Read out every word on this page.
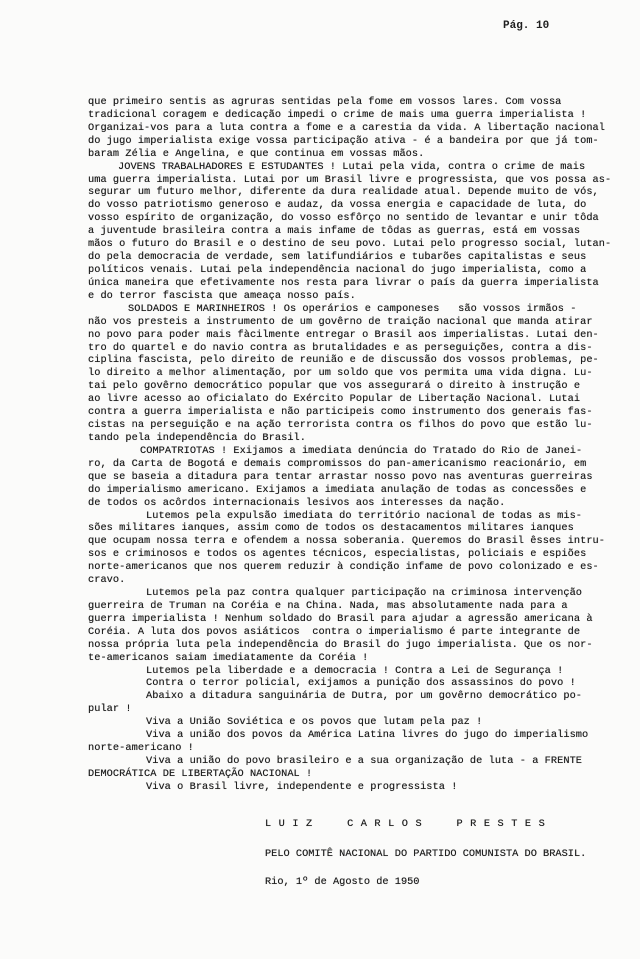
Pág. 10
que primeiro sentis as agruras sentidas pela fome em vossos lares. Com vossa
tradicional coragem e dedicação impedi o crime de mais uma guerra imperialista !
Organizai-vos para a luta contra a fome e a carestia da vida. A libertação nacional
do jugo imperialista exige vossa participação ativa - é a bandeira por que já tom-
baram Zélia e Angelina, e que continua em vossas mãos.
JOVENS TRABALHADORES E ESTUDANTES ! Lutai pela vida, contra o crime de mais
uma guerra imperialista. Lutai por um Brasil livre e progressista, que vos possa as-
segurar um futuro melhor, diferente da dura realidade atual. Depende muito de vós,
do vosso patriotismo generoso e audaz, da vossa energia e capacidade de luta, do
vosso espírito de organização, do vosso esfôrço no sentido de levantar e unir tôda
a juventude brasileira contra a mais infame de tôdas as guerras, está em vossas
mãos o futuro do Brasil e o destino de seu povo. Lutai pelo progresso social, lutan-
do pela democracia de verdade, sem latifundiários e tubarões capitalistas e seus
políticos venais. Lutai pela independência nacional do jugo imperialista, como a
única maneira que efetivamente nos resta para livrar o país da guerra imperialista
e do terror fascista que ameaça nosso país.
SOLDADOS E MARINHEIROS ! Os operários e camponeses   são vossos irmãos -
não vos presteis a instrumento de um govêrno de traição nacional que manda atirar
no povo para poder mais fàcilmente entregar o Brasil aos imperialistas. Lutai den-
tro do quartel e do navio contra as brutalidades e as perseguições, contra a dis-
ciplina fascista, pelo direito de reunião e de discussão dos vossos problemas, pe-
lo direito a melhor alimentação, por um soldo que vos permita uma vida digna. Lu-
tai pelo govêrno democrático popular que vos assegurará o direito à instrução e
ao livre acesso ao oficialato do Exército Popular de Libertação Nacional. Lutai
contra a guerra imperialista e não participeis como instrumento dos generais fas-
cistas na perseguição e na ação terrorista contra os filhos do povo que estão lu-
tando pela independência do Brasil.
COMPATRIOTAS ! Exijamos a imediata denúncia do Tratado do Rio de Janei-
ro, da Carta de Bogotá e demais compromissos do pan-americanismo reacionário, em
que se baseia a ditadura para tentar arrastar nosso povo nas aventuras guerreiras
do imperialismo americano. Exijamos a imediata anulação de todas as concessões e
de todos os acôrdos internacionais lesivos aos interesses da nação.
Lutemos pela expulsão imediata do território nacional de todas as mis-
sões militares ianques, assim como de todos os destacamentos militares ianques
que ocupam nossa terra e ofendem a nossa soberania. Queremos do Brasil êsses intru-
sos e criminosos e todos os agentes técnicos, especialistas, policiais e espiões
norte-americanos que nos querem reduzir à condição infame de povo colonizado e es-
cravo.
Lutemos pela paz contra qualquer participação na criminosa intervenção
guerreira de Truman na Coréia e na China. Nada, mas absolutamente nada para a
guerra imperialista ! Nenhum soldado do Brasil para ajudar a agressão americana à
Coréia. A luta dos povos asiáticos  contra o imperialismo é parte integrante de
nossa própria luta pela independência do Brasil do jugo imperialista. Que os nor-
te-americanos saiam imediatamente da Coréia !
Lutemos pela liberdade e a democracia ! Contra a Lei de Segurança !
Contra o terror policial, exijamos a punição dos assassinos do povo !
Abaixo a ditadura sanguinária de Dutra, por um govêrno democrático po-
pular !
Viva a União Soviética e os povos que lutam pela paz !
Viva a união dos povos da América Latina livres do jugo do imperialismo
norte-americano !
Viva a união do povo brasileiro e a sua organização de luta - a FRENTE
DEMOCRÁTICA DE LIBERTAÇÃO NACIONAL !
Viva o Brasil livre, independente e progressista !
LUIZ  CARLOS  PRESTES
PELO COMITÊ NACIONAL DO PARTIDO COMUNISTA DO BRASIL.
Rio, 1º de Agosto de 1950
